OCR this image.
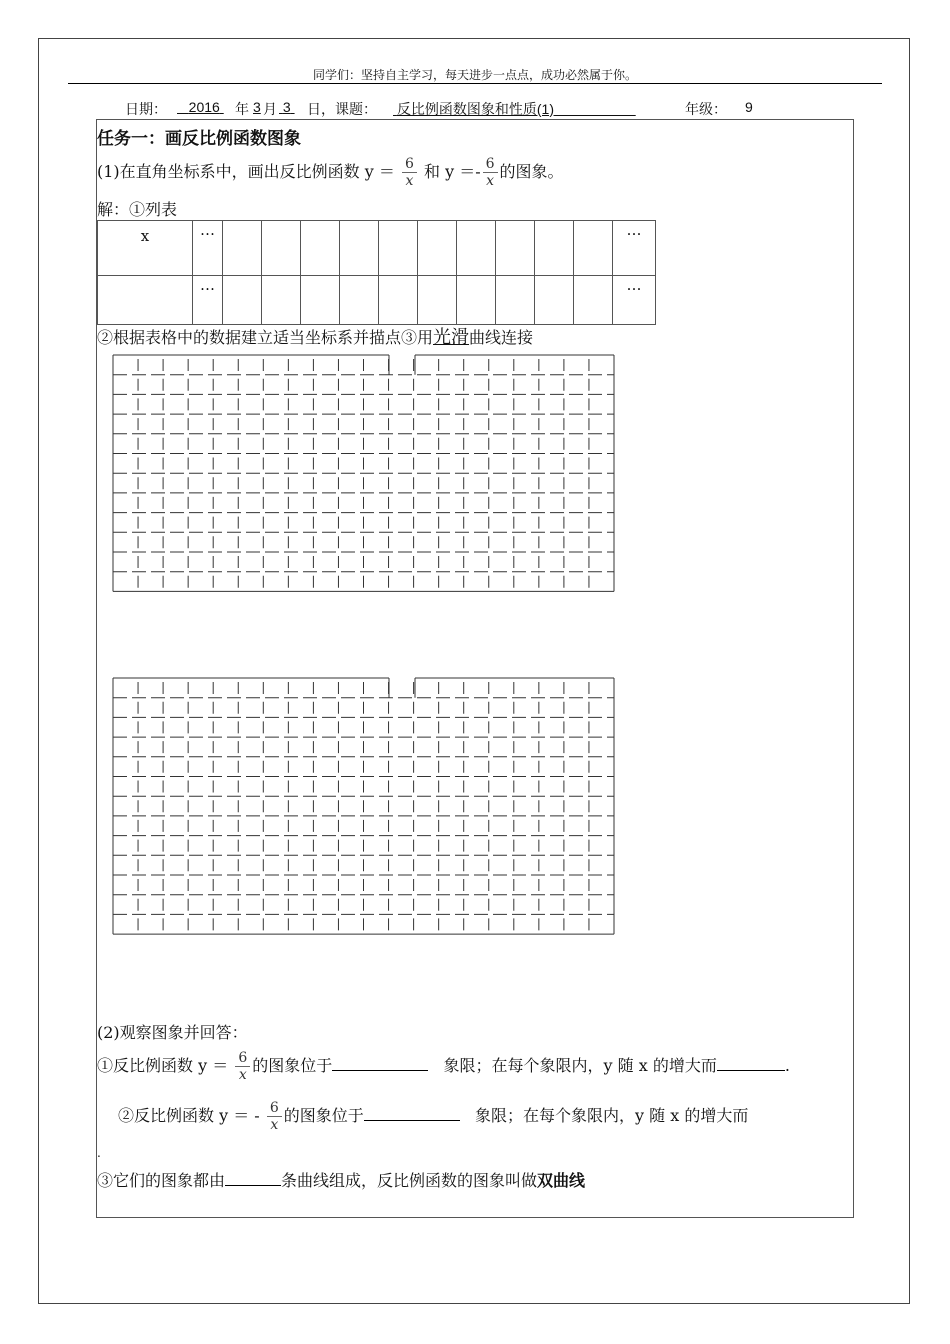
同学们：坚持自主学习，每天进步一点点，成功必然属于你。
日期：	2016 年 3 月 3 日，课题： 反比例函数图象和性质(1)	年级： 9
任务一：画反比例函数图象
(1)在直角坐标系中，画出反比例函数 $y = \frac{6}{x}$ 和 $y =- \frac{6}{x}$ 的图象。
解：①列表
x	…											…
	…											…
②根据表格中的数据建立适当坐标系并描点③用光滑曲线连接
(2)观察图象并回答：
①反比例函数 $y = \frac{6}{x}$ 的图象位于	象限；在每个象限内，y 随 x 的增大而	.
②反比例函数 y ＝ - $\frac{6}{x}$ 的图象位于	象限；在每个象限内，y 随 x 的增大而
.
③它们的图象都由	条曲线组成，反比例函数的图象叫做双曲线
